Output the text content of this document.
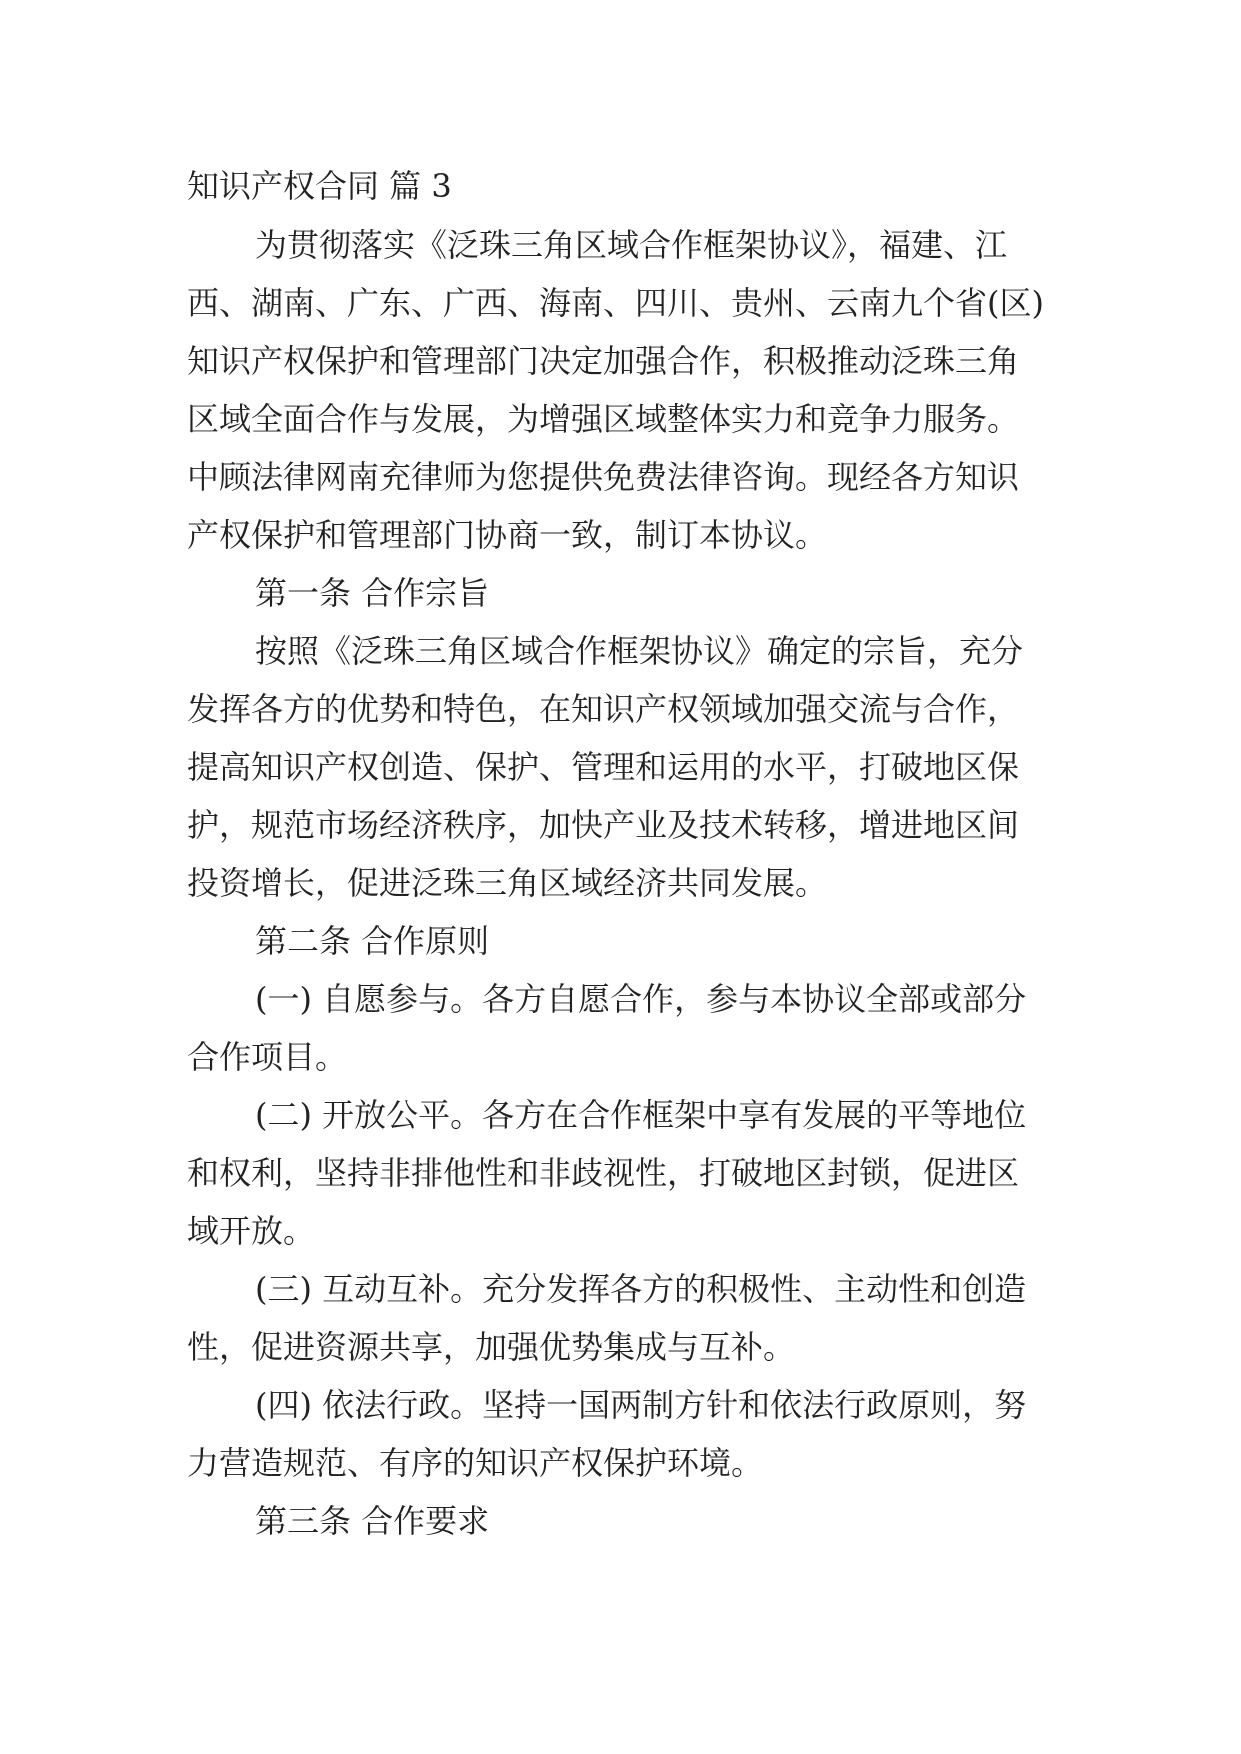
知识产权合同 篇 3

为贯彻落实《泛珠三角区域合作框架协议》，福建、江

西、湖南、广东、广西、海南、四川、贵州、云南九个省(区)

知识产权保护和管理部门决定加强合作，积极推动泛珠三角

区域全面合作与发展，为增强区域整体实力和竞争力服务。

中顾法律网南充律师为您提供免费法律咨询。现经各方知识

产权保护和管理部门协商一致，制订本协议。

第一条 合作宗旨

按照《泛珠三角区域合作框架协议》确定的宗旨，充分

发挥各方的优势和特色，在知识产权领域加强交流与合作，

提高知识产权创造、保护、管理和运用的水平，打破地区保

护，规范市场经济秩序，加快产业及技术转移，增进地区间

投资增长，促进泛珠三角区域经济共同发展。

第二条 合作原则

(一) 自愿参与。各方自愿合作，参与本协议全部或部分

合作项目。

(二) 开放公平。各方在合作框架中享有发展的平等地位

和权利，坚持非排他性和非歧视性，打破地区封锁，促进区

域开放。

(三) 互动互补。充分发挥各方的积极性、主动性和创造

性，促进资源共享，加强优势集成与互补。

(四) 依法行政。坚持一国两制方针和依法行政原则，努

力营造规范、有序的知识产权保护环境。

第三条 合作要求
